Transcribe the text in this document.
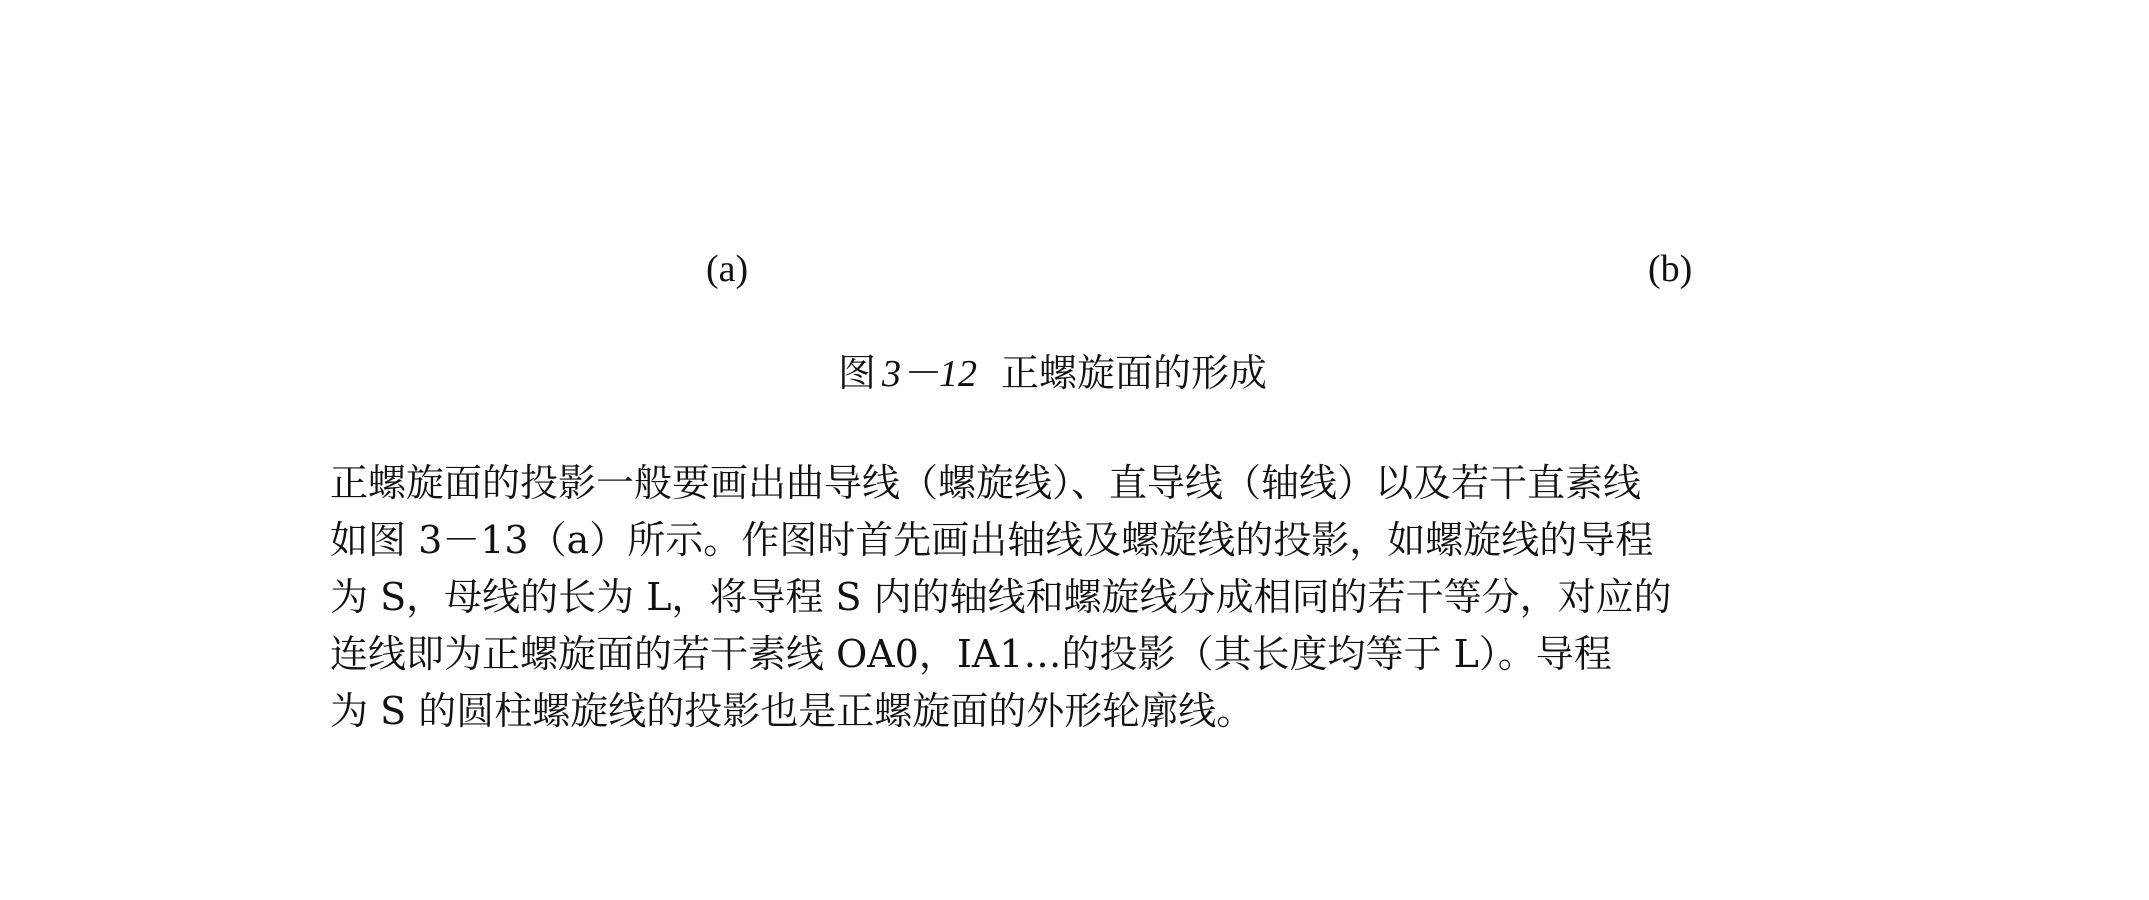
(a)	(b)
图 3－12 正螺旋面的形成
正螺旋面的投影一般要画出曲导线（螺旋线）、直导线（轴线）以及若干直素线
如图 3－13（a）所示。作图时首先画出轴线及螺旋线的投影，如螺旋线的导程
为 S，母线的长为 L，将导程 S 内的轴线和螺旋线分成相同的若干等分，对应的
连线即为正螺旋面的若干素线 OA0，ⅠA1…的投影（其长度均等于 L）。导程
为 S 的圆柱螺旋线的投影也是正螺旋面的外形轮廓线。
